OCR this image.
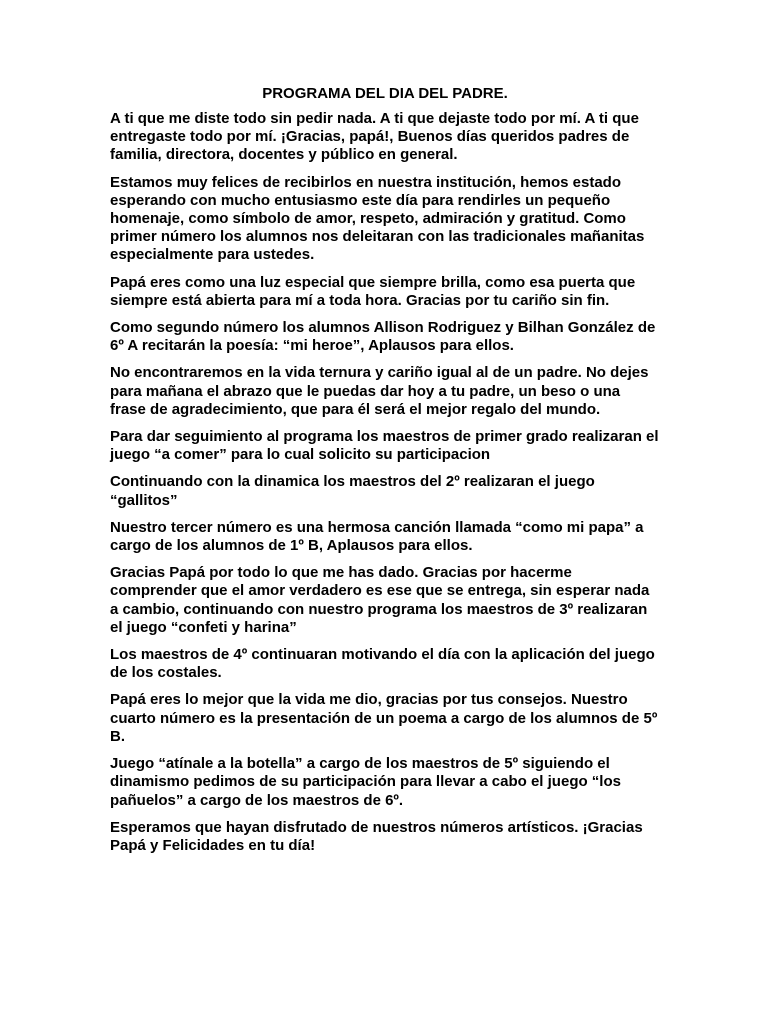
PROGRAMA DEL DIA DEL PADRE.

A ti que me diste todo sin pedir nada. A ti que dejaste todo por mí. A ti que entregaste todo por mí. ¡Gracias, papá!, Buenos días queridos padres de familia, directora, docentes y público en general.

Estamos muy felices de recibirlos en nuestra institución, hemos estado esperando con mucho entusiasmo este día para rendirles un pequeño homenaje, como símbolo de amor, respeto, admiración y gratitud. Como primer número los alumnos nos deleitaran con las tradicionales mañanitas especialmente para ustedes.

Papá eres como una luz especial que siempre brilla, como esa puerta que siempre está abierta para mí a toda hora. Gracias por tu cariño sin fin.

Como segundo número los alumnos Allison Rodriguez y Bilhan González de 6º A recitarán la poesía: “mi heroe”, Aplausos para ellos.

No encontraremos en la vida ternura y cariño igual al de un padre. No dejes para mañana el abrazo que le puedas dar hoy a tu padre, un beso o una frase de agradecimiento, que para él será el mejor regalo del mundo.

Para dar seguimiento al programa los maestros de primer grado realizaran el juego “a comer” para lo cual solicito su participacion

Continuando con la dinamica los maestros del 2º realizaran el juego “gallitos”

Nuestro tercer número es una hermosa canción llamada “como mi papa” a cargo de los alumnos de 1º B, Aplausos para ellos.

Gracias Papá por todo lo que me has dado. Gracias por hacerme comprender que el amor verdadero es ese que se entrega, sin esperar nada a cambio, continuando con nuestro programa los maestros de 3º realizaran el juego “confeti y harina”

Los maestros de 4º continuaran motivando el día con la aplicación del juego de los costales.

Papá eres lo mejor que la vida me dio, gracias por tus consejos. Nuestro cuarto número es la presentación de un poema a cargo de los alumnos de 5º B.

Juego “atínale a la botella” a cargo de los maestros de 5º siguiendo el dinamismo pedimos de su participación para llevar a cabo el juego “los pañuelos” a cargo de los maestros de 6º.

Esperamos que hayan disfrutado de nuestros números artísticos. ¡Gracias Papá y Felicidades en tu día!
